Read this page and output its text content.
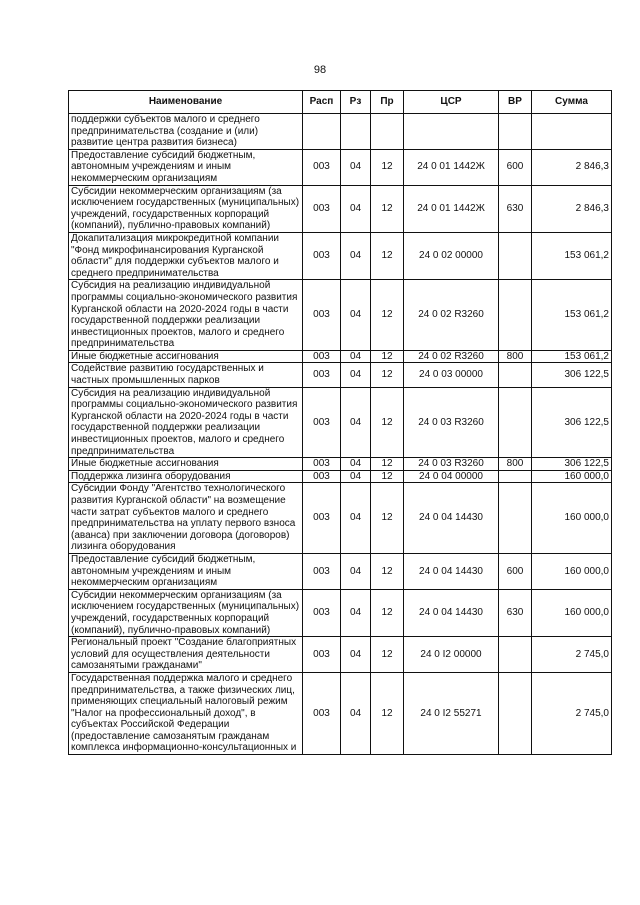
98
Наименование	Расп	Рз	Пр	ЦСР	ВР	Сумма
поддержки субъектов малого и среднего предпринимательства (создание и (или) развитие центра развития бизнеса)						
Предоставление субсидий бюджетным, автономным учреждениям и иным некоммерческим организациям	003	04	12	24 0 01 1442Ж	600	2 846,3
Субсидии некоммерческим организациям (за исключением государственных (муниципальных) учреждений, государственных корпораций (компаний), публично-правовых компаний)	003	04	12	24 0 01 1442Ж	630	2 846,3
Докапитализация микрокредитной компании "Фонд микрофинансирования Курганской области" для поддержки субъектов малого и среднего предпринимательства	003	04	12	24 0 02 00000		153 061,2
Субсидия на реализацию индивидуальной программы социально-экономического развития Курганской области на 2020-2024 годы в части государственной поддержки реализации инвестиционных проектов, малого и среднего предпринимательства	003	04	12	24 0 02 R3260		153 061,2
Иные бюджетные ассигнования	003	04	12	24 0 02 R3260	800	153 061,2
Содействие развитию государственных и частных промышленных парков	003	04	12	24 0 03 00000		306 122,5
Субсидия на реализацию индивидуальной программы социально-экономического развития Курганской области на 2020-2024 годы в части государственной поддержки реализации инвестиционных проектов, малого и среднего предпринимательства	003	04	12	24 0 03 R3260		306 122,5
Иные бюджетные ассигнования	003	04	12	24 0 03 R3260	800	306 122,5
Поддержка лизинга оборудования	003	04	12	24 0 04 00000		160 000,0
Субсидии Фонду "Агентство технологического развития Курганской области" на возмещение части затрат субъектов малого и среднего предпринимательства на уплату первого взноса (аванса) при заключении договора (договоров) лизинга оборудования	003	04	12	24 0 04 14430		160 000,0
Предоставление субсидий бюджетным, автономным учреждениям и иным некоммерческим организациям	003	04	12	24 0 04 14430	600	160 000,0
Субсидии некоммерческим организациям (за исключением государственных (муниципальных) учреждений, государственных корпораций (компаний), публично-правовых компаний)	003	04	12	24 0 04 14430	630	160 000,0
Региональный проект "Создание благоприятных условий для осуществления деятельности самозанятыми гражданами"	003	04	12	24 0 I2 00000		2 745,0
Государственная поддержка малого и среднего предпринимательства, а также физических лиц, применяющих специальный налоговый режим "Налог на профессиональный доход", в субъектах Российской Федерации (предоставление самозанятым гражданам комплекса информационно-консультационных и	003	04	12	24 0 I2 55271		2 745,0
